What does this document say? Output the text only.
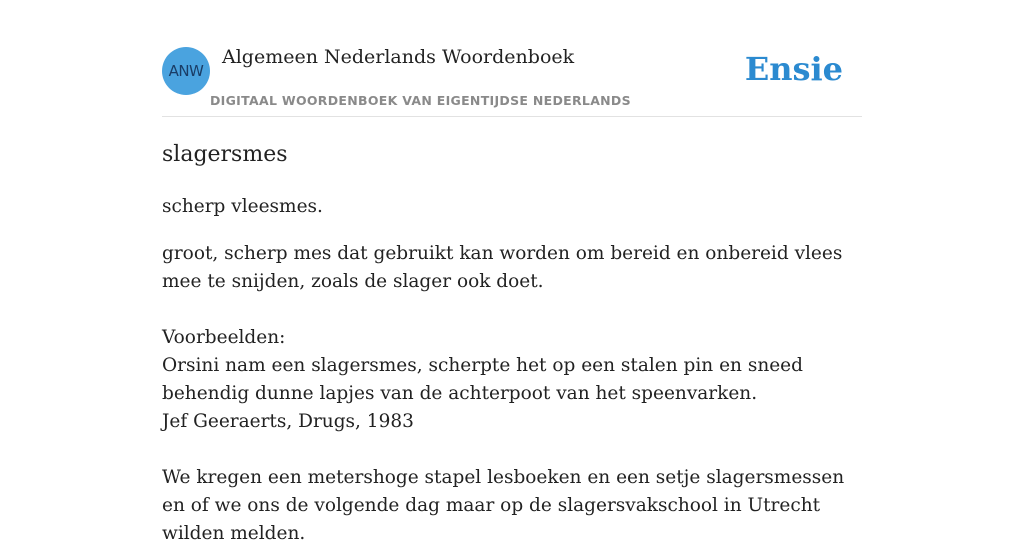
ANW
Algemeen Nederlands Woordenboek
DIGITAAL WOORDENBOEK VAN EIGENTIJDSE NEDERLANDS
Ensie
slagersmes

scherp vleesmes.

groot, scherp mes dat gebruikt kan worden om bereid en onbereid vlees mee te snijden, zoals de slager ook doet.

Voorbeelden:
Orsini nam een slagersmes, scherpte het op een stalen pin en sneed behendig dunne lapjes van de achterpoot van het speenvarken.
Jef Geeraerts, Drugs, 1983
We kregen een metershoge stapel lesboeken en een setje slagersmessen en of we ons de volgende dag maar op de slagersvakschool in Utrecht wilden melden.
